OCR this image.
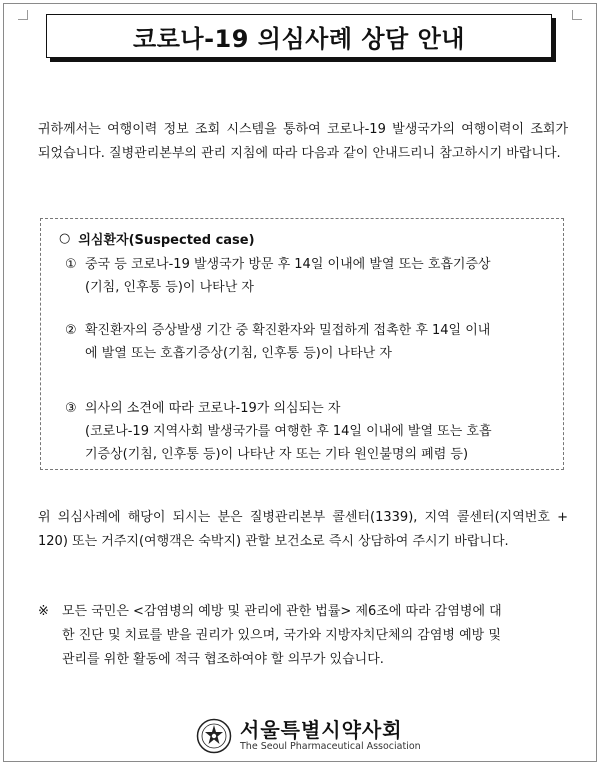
코로나-19 의심사례 상담 안내

귀하께서는 여행이력 정보 조회 시스템을 통하여 코로나-19 발생국가의 여행이력이 조회가 되었습니다. 질병관리본부의 관리 지침에 따라 다음과 같이 안내드리니 참고하시기 바랍니다.

○ 의심환자(Suspected case)
① 중국 등 코로나-19 발생국가 방문 후 14일 이내에 발열 또는 호흡기증상
(기침, 인후통 등)이 나타난 자
② 확진환자의 증상발생 기간 중 확진환자와 밀접하게 접촉한 후 14일 이내
에 발열 또는 호흡기증상(기침, 인후통 등)이 나타난 자
③ 의사의 소견에 따라 코로나-19가 의심되는 자
(코로나-19 지역사회 발생국가를 여행한 후 14일 이내에 발열 또는 호흡
기증상(기침, 인후통 등)이 나타난 자 또는 기타 원인불명의 폐렴 등)

위 의심사례에 해당이 되시는 분은 질병관리본부 콜센터(1339), 지역 콜센터(지역번호 + 120) 또는 거주지(여행객은 숙박지) 관할 보건소로 즉시 상담하여 주시기 바랍니다.

※ 모든 국민은 <감염병의 예방 및 관리에 관한 법률> 제6조에 따라 감염병에 대
한 진단 및 치료를 받을 권리가 있으며, 국가와 지방자치단체의 감염병 예방 및
관리를 위한 활동에 적극 협조하여야 할 의무가 있습니다.
서울특별시약사회
The Seoul Pharmaceutical Association
